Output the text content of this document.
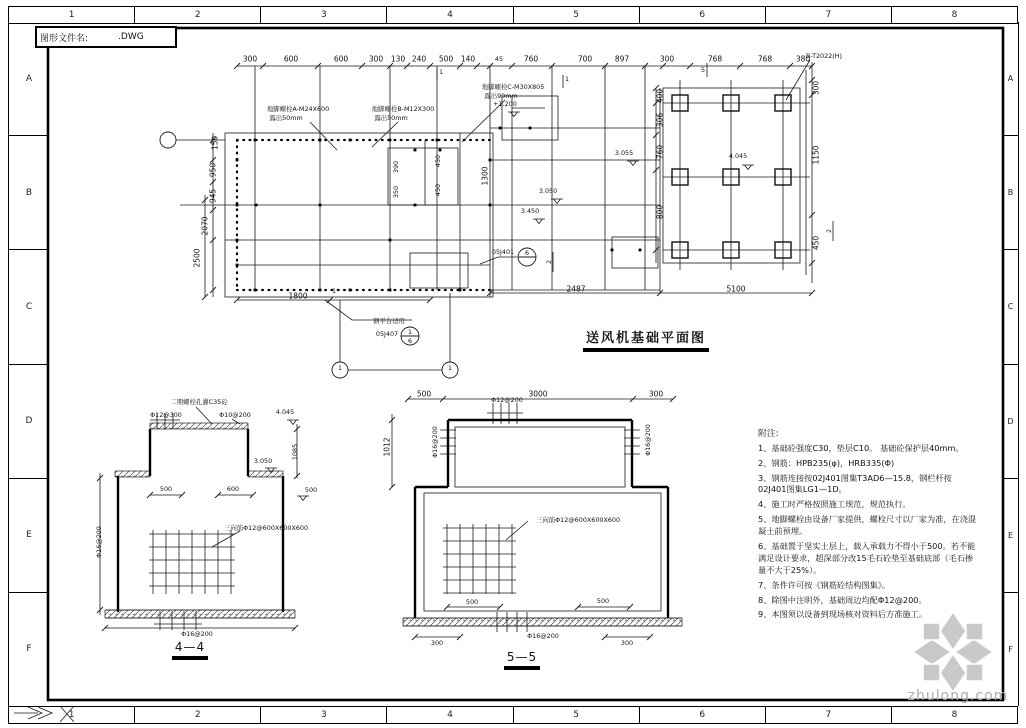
1	2	3	4	5	6	7	8
1	2	3	4	5	6	7	8
A
B
C
D
E
F
A
B
C
D
E
F
图形文件名:	.DWG
送风机基础平面图
4—4
5—5
附注:
1、基础砼强度C30，垫层C10。 基础砼保护层40mm。
2、钢筋：HPB235(φ)，HRB335(Φ)
3、钢筋连接按02J401图集T3AD6—15.8，钢栏杆按02J401图集LG1—1D。
4、施工时严格按照施工规范，规范执行。
5、地脚螺栓由设备厂家提供，螺栓尺寸以厂家为准，在浇混凝土前预埋。
6、基础置于坚实土层上，载入承载力不得小于500。若不能满足设计要求，超深部分改15毛石砼垫至基础底部（毛石掺量不大于25%）。
7、条件许可按《钢筋砼结构图集》。
8、除图中注明外，基础周边均配Φ12@200。
9、本图须以设备到现场核对资料后方准施工。
zhulong.com
300	600	600	300 130 240 500 140	45	760	700	897	300	768	768	380
150
950
945
2070
2500
1300
390
350
450
450
400
306
760
800
300
1150
450
1800
2487	5100
4.045
3.055
3.050
3.450
+1.200
1
1
1
2
2
5
1	1
地脚螺栓A-M24X600
露出50mm
地脚螺栓B-M12X300
露出50mm
地脚螺栓C-M30X805
露出90mm
B-T2022(H)
钢平台适用
05J407
05J401 6
1
6
二期螺栓孔灌C35砼
Φ12@300	Φ10@200	4.045
3.050
500	600	500
1085
Φ16@200	三向筋Φ12@600X600X600
Φ16@200
500	3000	300
Φ12@200
Φ16@200	Φ16@200
1012
三向筋Φ12@600X600X600
500	500
300	300
Φ16@200
